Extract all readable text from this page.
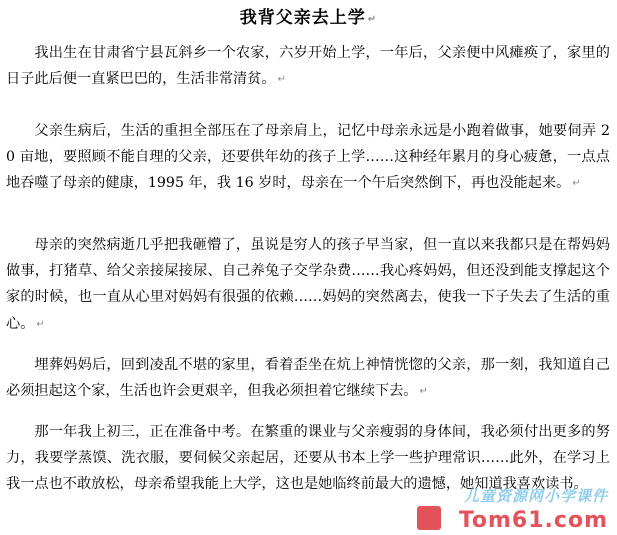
我背父亲去上学 ↵

我出生在甘肃省宁县瓦斜乡一个农家，六岁开始上学，一年后，父亲便中风瘫痪了，家里的日子此后便一直紧巴巴的，生活非常清贫。 ↵

父亲生病后，生活的重担全部压在了母亲肩上，记忆中母亲永远是小跑着做事，她要伺弄 20 亩地，要照顾不能自理的父亲，还要供年幼的孩子上学……这种经年累月的身心疲惫，一点点地吞噬了母亲的健康，1995 年，我 16 岁时，母亲在一个午后突然倒下，再也没能起来。 ↵

母亲的突然病逝几乎把我砸懵了，虽说是穷人的孩子早当家，但一直以来我都只是在帮妈妈做事，打猪草、给父亲接屎接尿、自己养兔子交学杂费……我心疼妈妈，但还没到能支撑起这个家的时候，也一直从心里对妈妈有很强的依赖……妈妈的突然离去，使我一下子失去了生活的重心。 ↵

埋葬妈妈后，回到凌乱不堪的家里，看着歪坐在炕上神情恍惚的父亲，那一刻，我知道自己必须担起这个家，生活也许会更艰辛，但我必须担着它继续下去。 ↵

那一年我上初三，正在准备中考。在繁重的课业与父亲瘦弱的身体间，我必须付出更多的努力，我要学蒸馍、洗衣服，要伺候父亲起居，还要从书本上学一些护理常识……此外，在学习上我一点也不敢放松，母亲希望我能上大学，这也是她临终前最大的遗憾，她知道我喜欢读书。

儿童资源网小学课件
Tom61.com
